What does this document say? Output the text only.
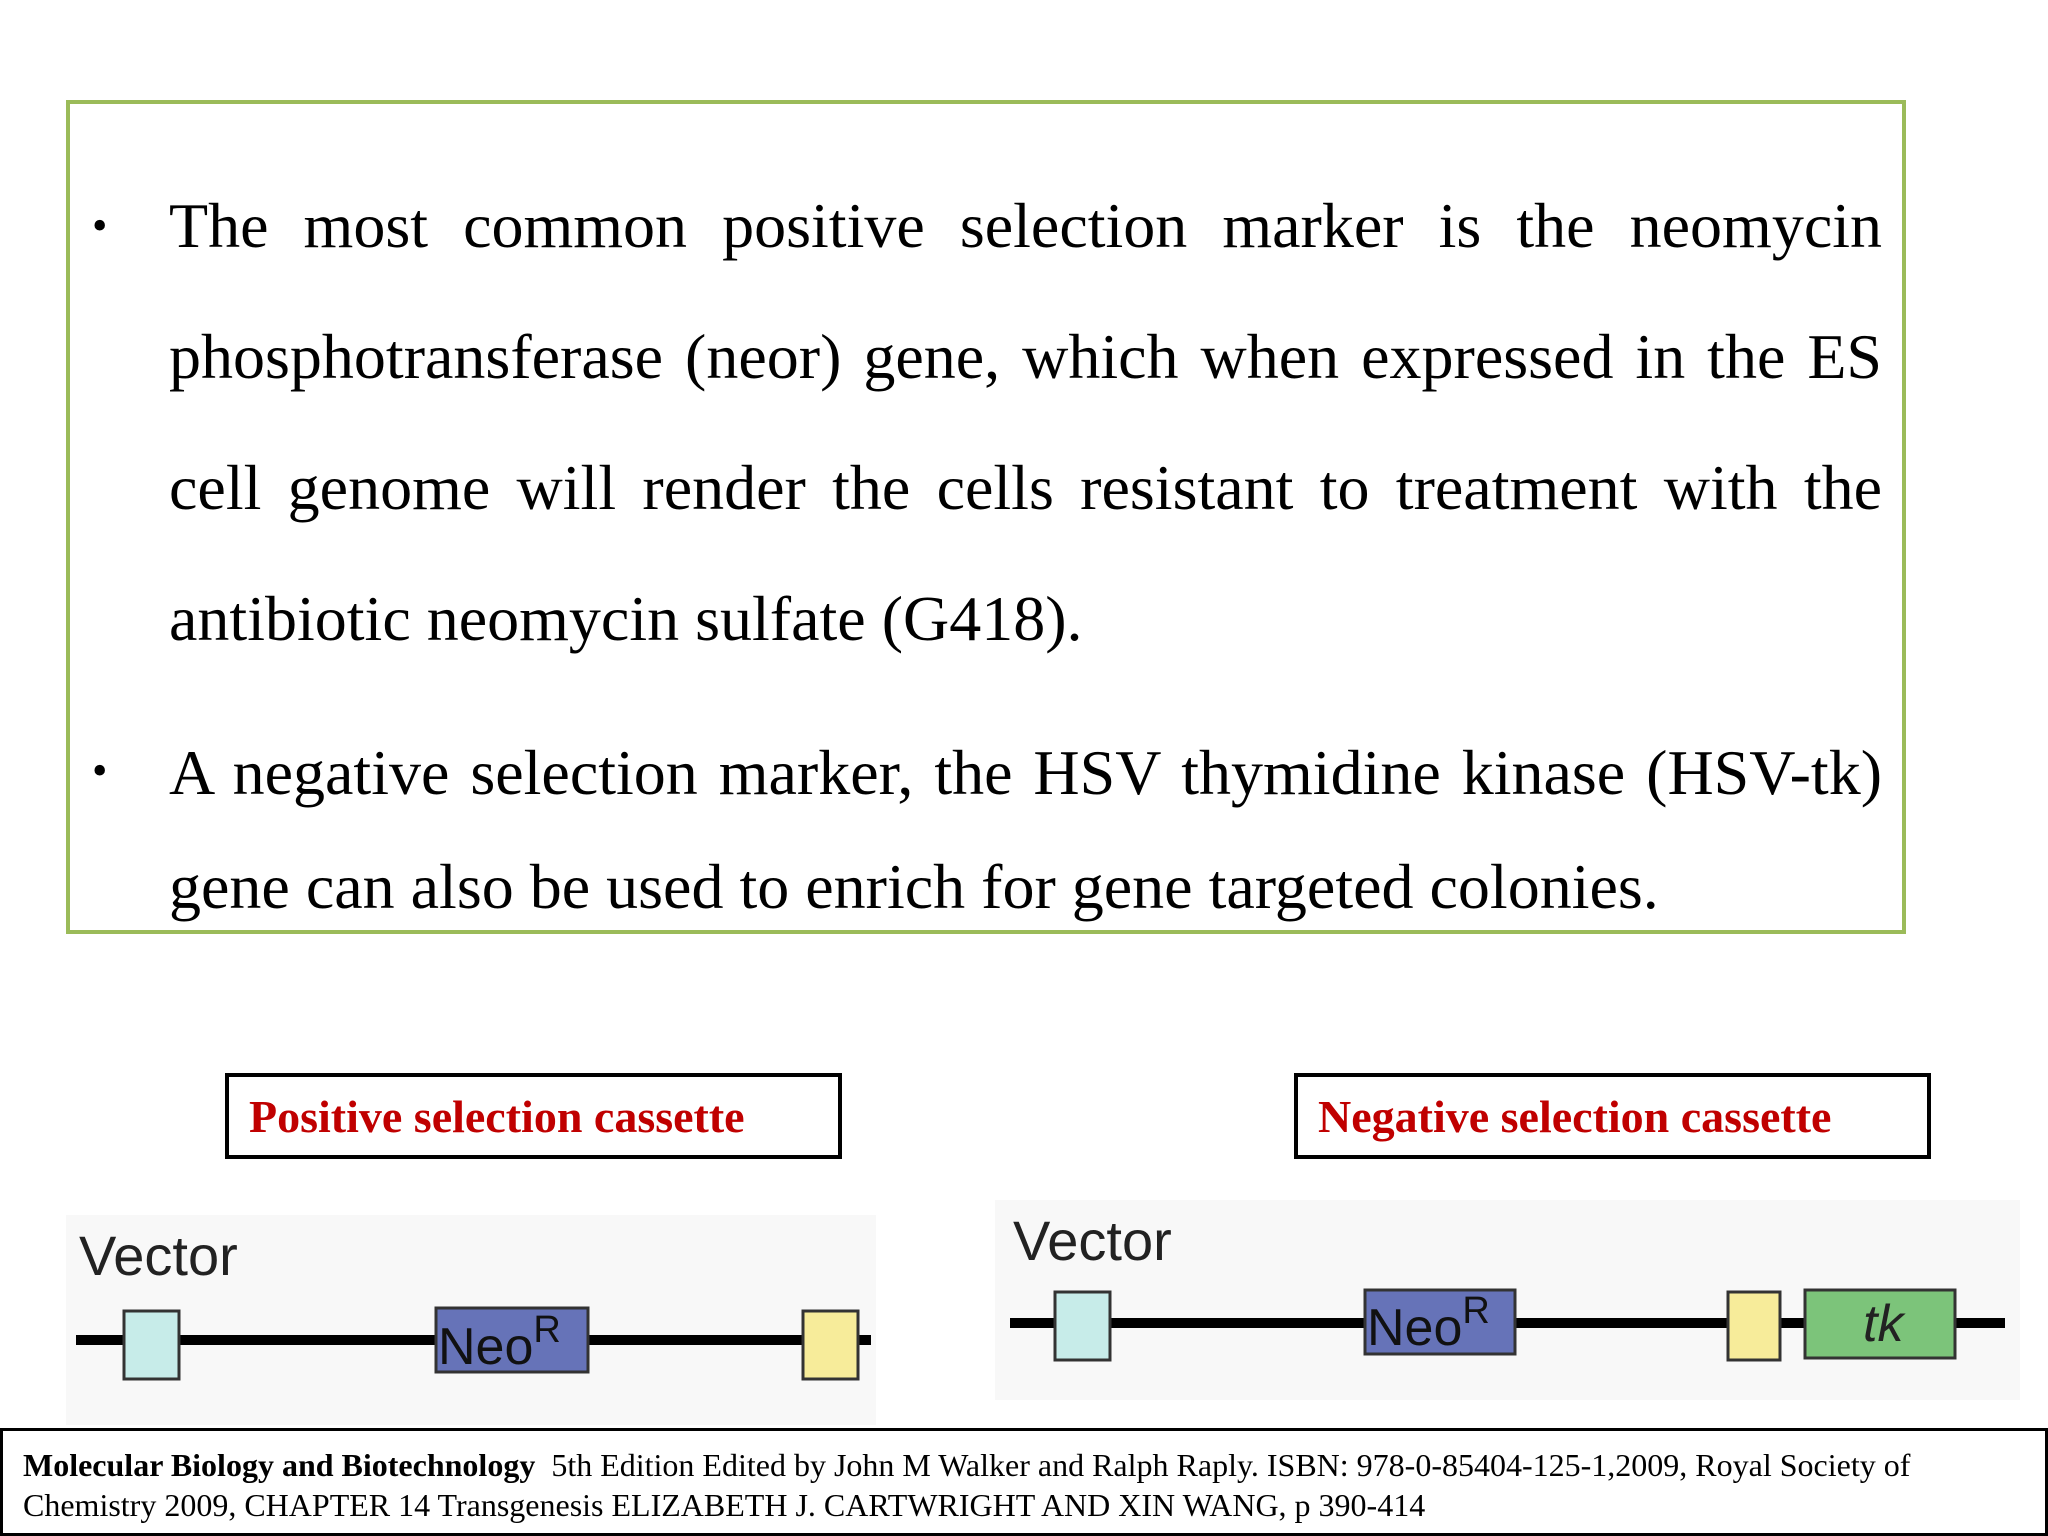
• The most common positive selection marker is the neomycin phosphotransferase (neor) gene, which when expressed in the ES cell genome will render the cells resistant to treatment with the antibiotic neomycin sulfate (G418).
• A negative selection marker, the HSV thymidine kinase (HSV-tk) gene can also be used to enrich for gene targeted colonies.
Positive selection cassette	Negative selection cassette
Vector
Neo$^R$
Vector
Neo$^R$	tk
Molecular Biology and Biotechnology 5th Edition Edited by John M Walker and Ralph Raply. ISBN: 978-0-85404-125-1,2009, Royal Society of Chemistry 2009, CHAPTER 14 Transgenesis ELIZABETH J. CARTWRIGHT AND XIN WANG, p 390-414
